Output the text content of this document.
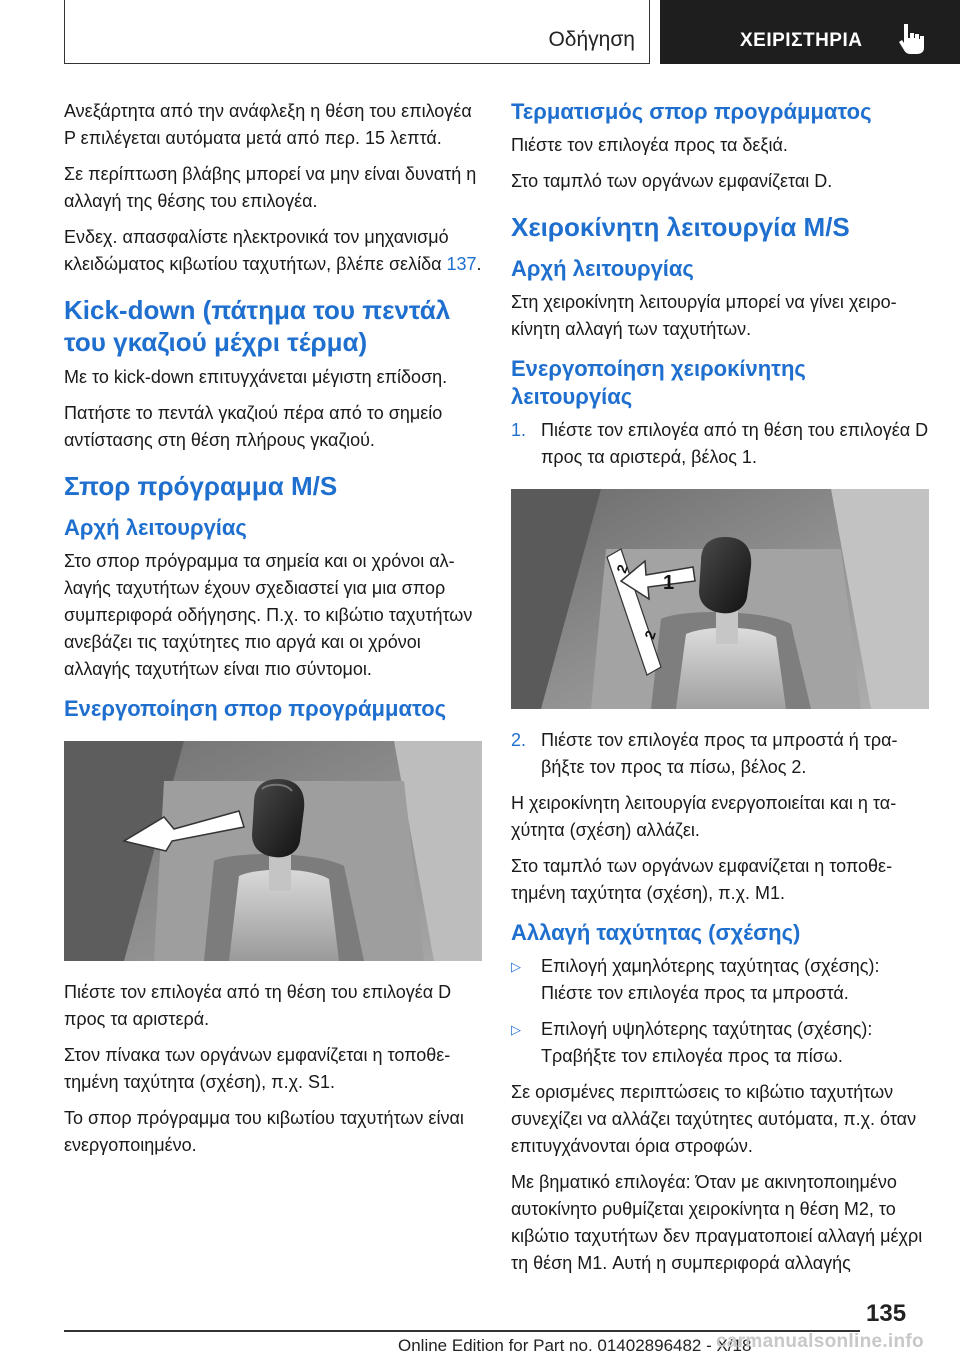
Οδήγηση	ΧΕΙΡΙΣΤΗΡΙΑ

Ανεξάρτητα από την ανάφλεξη η θέση του επιλογέα P επιλέγεται αυτόματα μετά από περ. 15 λεπτά.

Σε περίπτωση βλάβης μπορεί να μην είναι δυνατή η αλλαγή της θέσης του επιλογέα.

Ενδεχ. απασφαλίστε ηλεκτρονικά τον μηχανισμό κλειδώματος κιβωτίου ταχυτήτων, βλέπε σελίδα 137.

Kick-down (πάτημα του πεντάλ του γκαζιού μέχρι τέρμα)

Με το kick-down επιτυγχάνεται μέγιστη επίδοση.

Πατήστε το πεντάλ γκαζιού πέρα από το σημείο αντίστασης στη θέση πλήρους γκαζιού.

Σπορ πρόγραμμα M/S
Αρχή λειτουργίας

Στο σπορ πρόγραμμα τα σημεία και οι χρόνοι αλλαγής ταχυτήτων έχουν σχεδιαστεί για μια σπορ συμπεριφορά οδήγησης. Π.χ. το κιβώτιο ταχυτήτων ανεβάζει τις ταχύτητες πιο αργά και οι χρόνοι αλλαγής ταχυτήτων είναι πιο σύντομοι.

Ενεργοποίηση σπορ προγράμματος

Πιέστε τον επιλογέα από τη θέση του επιλογέα D προς τα αριστερά.

Στον πίνακα των οργάνων εμφανίζεται η τοποθετημένη ταχύτητα (σχέση), π.χ. S1.

Το σπορ πρόγραμμα του κιβωτίου ταχυτήτων είναι ενεργοποιημένο.

Τερματισμός σπορ προγράμματος

Πιέστε τον επιλογέα προς τα δεξιά.

Στο ταμπλό των οργάνων εμφανίζεται D.

Χειροκίνητη λειτουργία M/S
Αρχή λειτουργίας

Στη χειροκίνητη λειτουργία μπορεί να γίνει χειροκίνητη αλλαγή των ταχυτήτων.

Ενεργοποίηση χειροκίνητης λειτουργίας
1. Πιέστε τον επιλογέα από τη θέση του επιλογέα D προς τα αριστερά, βέλος 1.
2
2
1
2. Πιέστε τον επιλογέα προς τα μπροστά ή τραβήξτε τον προς τα πίσω, βέλος 2.

Η χειροκίνητη λειτουργία ενεργοποιείται και η ταχύτητα (σχέση) αλλάζει.

Στο ταμπλό των οργάνων εμφανίζεται η τοποθετημένη ταχύτητα (σχέση), π.χ. M1.

Αλλαγή ταχύτητας (σχέσης)
▷	Επιλογή χαμηλότερης ταχύτητας (σχέσης): Πιέστε τον επιλογέα προς τα μπροστά.
▷	Επιλογή υψηλότερης ταχύτητας (σχέσης): Τραβήξτε τον επιλογέα προς τα πίσω.

Σε ορισμένες περιπτώσεις το κιβώτιο ταχυτήτων συνεχίζει να αλλάζει ταχύτητες αυτόματα, π.χ. όταν επιτυγχάνονται όρια στροφών.

Με βηματικό επιλογέα: Όταν με ακινητοποιημένο αυτοκίνητο ρυθμίζεται χειροκίνητα η θέση M2, το κιβώτιο ταχυτήτων δεν πραγματοποιεί αλλαγή μέχρι τη θέση M1. Αυτή η συμπεριφορά αλλαγής

135
Online Edition for Part no. 01402896482 - X/18
carmanualsonline.info
